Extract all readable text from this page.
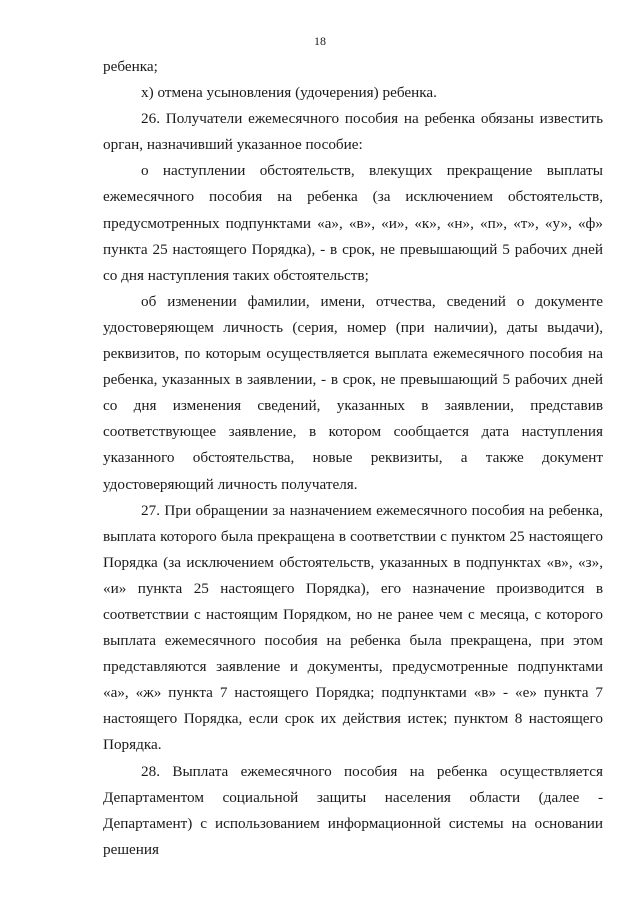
18

ребенка;

х) отмена усыновления (удочерения) ребенка.

26. Получатели ежемесячного пособия на ребенка обязаны известить орган, назначивший указанное пособие:

о наступлении обстоятельств, влекущих прекращение выплаты ежемесячного пособия на ребенка (за исключением обстоятельств, предусмотренных подпунктами «а», «в», «и», «к», «н», «п», «т», «у», «ф» пункта 25 настоящего Порядка), - в срок, не превышающий 5 рабочих дней со дня наступления таких обстоятельств;

об изменении фамилии, имени, отчества, сведений о документе удостоверяющем личность (серия, номер (при наличии), даты выдачи), реквизитов, по которым осуществляется выплата ежемесячного пособия на ребенка, указанных в заявлении, - в срок, не превышающий 5 рабочих дней со дня изменения сведений, указанных в заявлении, представив соответствующее заявление, в котором сообщается дата наступления указанного обстоятельства, новые реквизиты, а также документ удостоверяющий личность получателя.

27. При обращении за назначением ежемесячного пособия на ребенка, выплата которого была прекращена в соответствии с пунктом 25 настоящего Порядка (за исключением обстоятельств, указанных в подпунктах «в», «з», «и» пункта 25 настоящего Порядка), его назначение производится в соответствии с настоящим Порядком, но не ранее чем с месяца, с которого выплата ежемесячного пособия на ребенка была прекращена, при этом представляются заявление и документы, предусмотренные подпунктами «а», «ж» пункта 7 настоящего Порядка; подпунктами «в» - «е» пункта 7 настоящего Порядка, если срок их действия истек; пунктом 8 настоящего Порядка.

28. Выплата ежемесячного пособия на ребенка осуществляется Департаментом социальной защиты населения области (далее - Департамент) с использованием информационной системы на основании решения
